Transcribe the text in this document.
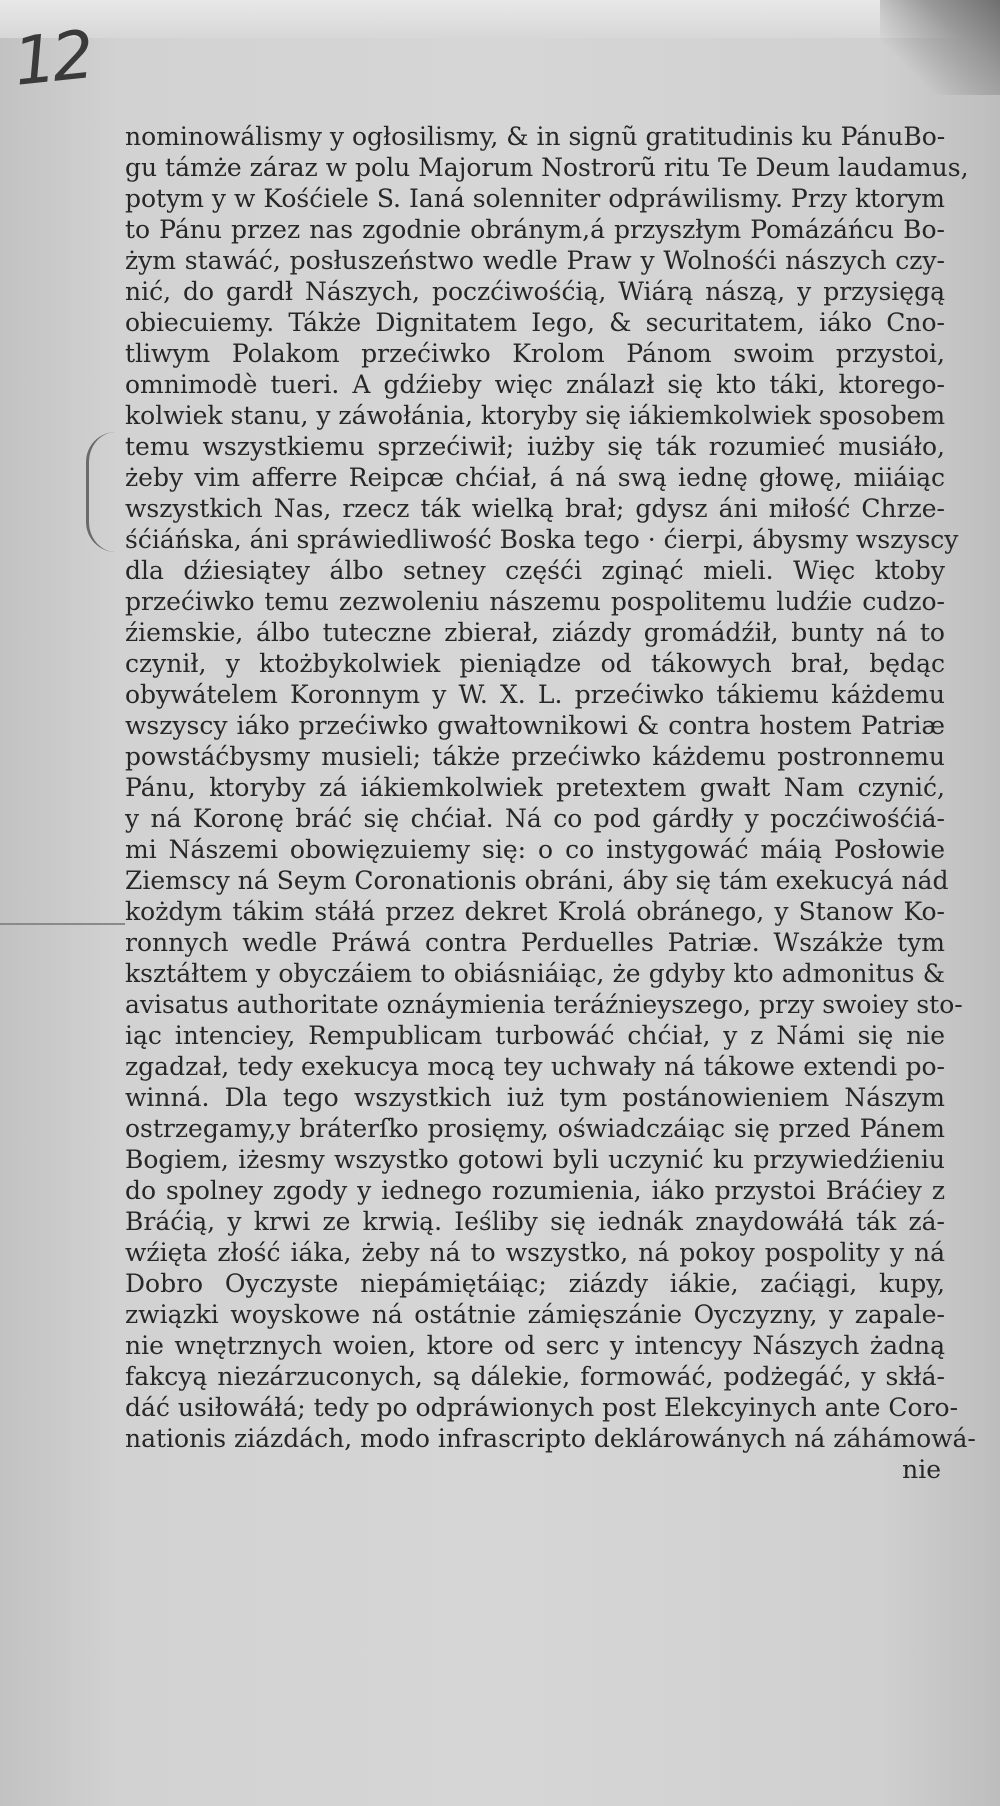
12
nominowálismy y ogłosilismy, & in signũ gratitudinis ku PánuBo-
gu támże záraz w polu Majorum Nostrorũ ritu Te Deum laudamus,
potym y w Kośćiele S. Ianá solenniter odpráwilismy. Przy ktorym
to Pánu przez nas zgodnie obránym,á przyszłym Pomázáńcu Bo-
żym stawáć, posłuszeństwo wedle Praw y Wolnośći nászych czy-
nić, do gardł Nászych, poczćiwośćią, Wiárą nászą, y przysięgą
obiecuiemy. Tákże Dignitatem Iego, & securitatem, iáko Cno-
tliwym Polakom przećiwko Krolom Pánom swoim przystoi,
omnimodè tueri. A gdźieby więc ználazł się kto táki, ktorego-
kolwiek stanu, y záwołánia, ktoryby się iákiemkolwiek sposobem
temu wszystkiemu sprzećiwił; iużby się ták rozumieć musiáło,
żeby vim afferre Reipcæ chćiał, á ná swą iednę głowę, miiáiąc
wszystkich Nas, rzecz ták wielką brał; gdysz áni miłość Chrze-
śćiáńska, áni spráwiedliwość Boska tego · ćierpi, ábysmy wszyscy
dla dźiesiątey álbo setney częśći zginąć mieli. Więc ktoby
przećiwko temu zezwoleniu nászemu pospolitemu ludźie cudzo-
źiemskie, álbo tuteczne zbierał, ziázdy gromádźił, bunty ná to
czynił, y ktożbykolwiek pieniądze od tákowych brał, będąc
obywátelem Koronnym y W. X. L. przećiwko tákiemu káżdemu
wszyscy iáko przećiwko gwałtownikowi & contra hostem Patriæ
powstáćbysmy musieli; tákże przećiwko káżdemu postronnemu
Pánu, ktoryby zá iákiemkolwiek pretextem gwałt Nam czynić,
y ná Koronę bráć się chćiał. Ná co pod gárdły y poczćiwośćiá-
mi Nászemi obowięzuiemy się: o co instygowáć máią Posłowie
Ziemscy ná Seym Coronationis obráni, áby się tám exekucyá nád
kożdym tákim stáłá przez dekret Krolá obránego, y Stanow Ko-
ronnych wedle Práwá contra Perduelles Patriæ. Wszákże tym
ksztáłtem y obyczáiem to obiásniáiąc, że gdyby kto admonitus &
avisatus authoritate oznáymienia teráźnieyszego, przy swoiey sto-
iąc intenciey, Rempublicam turbowáć chćiał, y z Námi się nie
zgadzał, tedy exekucya mocą tey uchwały ná tákowe extendi po-
winná. Dla tego wszystkich iuż tym postánowieniem Nászym
ostrzegamy,y bráterſko prosięmy, oświadczáiąc się przed Pánem
Bogiem, iżesmy wszystko gotowi byli uczynić ku przywiedźieniu
do spolney zgody y iednego rozumienia, iáko przystoi Bráćiey z
Bráćią, y krwi ze krwią. Ieśliby się iednák znaydowáłá ták zá-
wźięta złość iáka, żeby ná to wszystko, ná pokoy pospolity y ná
Dobro Oyczyste niepámiętáiąc; ziázdy iákie, zaćiągi, kupy,
związki woyskowe ná ostátnie zámięszánie Oyczyzny, y zapale-
nie wnętrznych woien, ktore od serc y intencyy Nászych żadną
fakcyą niezárzuconych, są dálekie, formowáć, podżegáć, y skłá-
dáć usiłowáłá; tedy po odpráwionych post Elekcyinych ante Coro-
nationis ziázdách, modo infrascripto deklárowánych ná záhámowá-
nie
